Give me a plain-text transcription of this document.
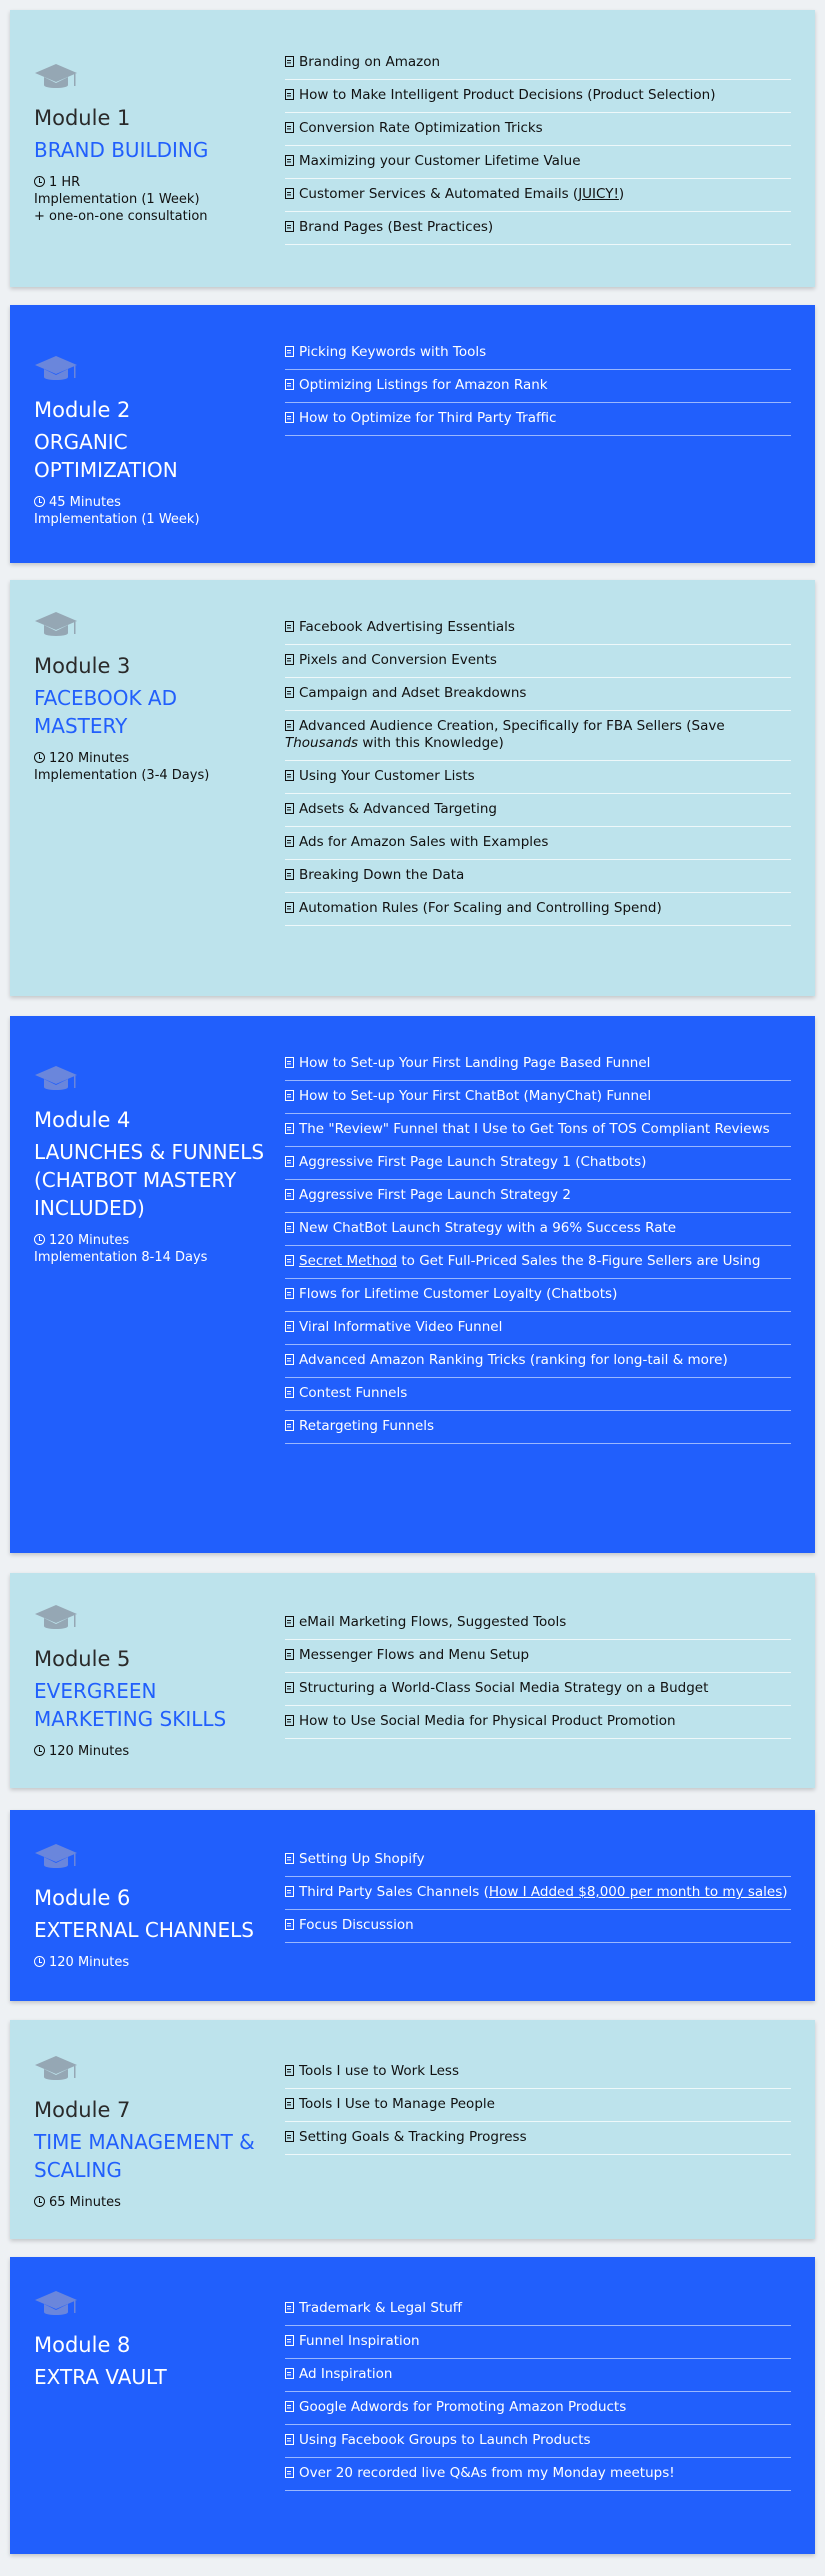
Module 1
BRAND BUILDING
1 HR
Implementation (1 Week)
+ one-on-one consultation
Branding on Amazon
How to Make Intelligent Product Decisions (Product Selection)
Conversion Rate Optimization Tricks
Maximizing your Customer Lifetime Value
Customer Services & Automated Emails (JUICY!)
Brand Pages (Best Practices)
Module 2
ORGANIC OPTIMIZATION
45 Minutes
Implementation (1 Week)
Picking Keywords with Tools
Optimizing Listings for Amazon Rank
How to Optimize for Third Party Traffic
Module 3
FACEBOOK AD MASTERY
120 Minutes
Implementation (3-4 Days)
Facebook Advertising Essentials
Pixels and Conversion Events
Campaign and Adset Breakdowns
Advanced Audience Creation, Specifically for FBA Sellers (Save Thousands with this Knowledge)
Using Your Customer Lists
Adsets & Advanced Targeting
Ads for Amazon Sales with Examples
Breaking Down the Data
Automation Rules (For Scaling and Controlling Spend)
Module 4
LAUNCHES & FUNNELS (CHATBOT MASTERY INCLUDED)
120 Minutes
Implementation 8-14 Days
How to Set-up Your First Landing Page Based Funnel
How to Set-up Your First ChatBot (ManyChat) Funnel
The "Review" Funnel that I Use to Get Tons of TOS Compliant Reviews
Aggressive First Page Launch Strategy 1 (Chatbots)
Aggressive First Page Launch Strategy 2
New ChatBot Launch Strategy with a 96% Success Rate
Secret Method to Get Full-Priced Sales the 8-Figure Sellers are Using
Flows for Lifetime Customer Loyalty (Chatbots)
Viral Informative Video Funnel
Advanced Amazon Ranking Tricks (ranking for long-tail & more)
Contest Funnels
Retargeting Funnels
Module 5
EVERGREEN MARKETING SKILLS
120 Minutes
eMail Marketing Flows, Suggested Tools
Messenger Flows and Menu Setup
Structuring a World-Class Social Media Strategy on a Budget
How to Use Social Media for Physical Product Promotion
Module 6
EXTERNAL CHANNELS
120 Minutes
Setting Up Shopify
Third Party Sales Channels (How I Added $8,000 per month to my sales)
Focus Discussion
Module 7
TIME MANAGEMENT & SCALING
65 Minutes
Tools I use to Work Less
Tools I Use to Manage People
Setting Goals & Tracking Progress
Module 8
EXTRA VAULT
Trademark & Legal Stuff
Funnel Inspiration
Ad Inspiration
Google Adwords for Promoting Amazon Products
Using Facebook Groups to Launch Products
Over 20 recorded live Q&As from my Monday meetups!
